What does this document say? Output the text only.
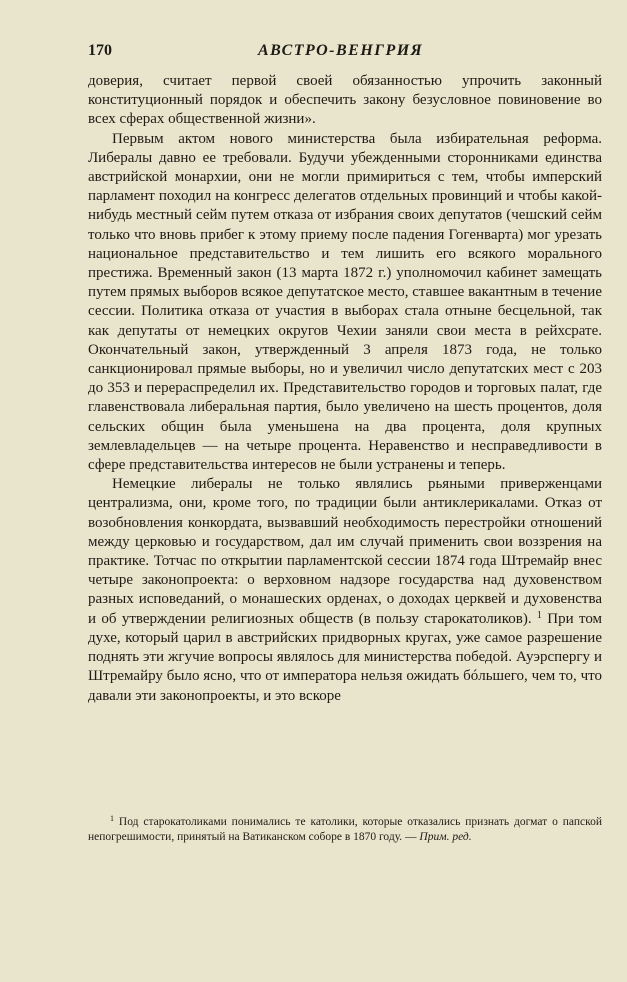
170	АВСТРО-ВЕНГРИЯ

доверия, считает первой своей обязанностью упрочить законный конституционный порядок и обеспечить закону безусловное повиновение во всех сферах общественной жизни».

Первым актом нового министерства была избирательная реформа. Либералы давно ее требовали. Будучи убежденными сторонниками единства австрийской монархии, они не могли примириться с тем, чтобы имперский парламент походил на конгресс делегатов отдельных провинций и чтобы какой-нибудь местный сейм путем отказа от избрания своих депутатов (чешский сейм только что вновь прибег к этому приему после падения Гогенварта) мог урезать национальное представительство и тем лишить его всякого морального престижа. Временный закон (13 марта 1872 г.) уполномочил кабинет замещать путем прямых выборов всякое депутатское место, ставшее вакантным в течение сессии. Политика отказа от участия в выборах стала отныне бесцельной, так как депутаты от немецких округов Чехии заняли свои места в рейхсрате. Окончательный закон, утвержденный 3 апреля 1873 года, не только санкционировал прямые выборы, но и увеличил число депутатских мест с 203 до 353 и перераспределил их. Представительство городов и торговых палат, где главенствовала либеральная партия, было увеличено на шесть процентов, доля сельских общин была уменьшена на два процента, доля крупных землевладельцев — на четыре процента. Неравенство и несправедливости в сфере представительства интересов не были устранены и теперь.

Немецкие либералы не только являлись рьяными приверженцами централизма, они, кроме того, по традиции были антиклерикалами. Отказ от возобновления конкордата, вызвавший необходимость перестройки отношений между церковью и государством, дал им случай применить свои воззрения на практике. Тотчас по открытии парламентской сессии 1874 года Штремайр внес четыре законопроекта: о верховном надзоре государства над духовенством разных исповеданий, о монашеских орденах, о доходах церквей и духовенства и об утверждении религиозных обществ (в пользу старокатоликов). $^1$ При том духе, который царил в австрийских придворных кругах, уже самое разрешение поднять эти жгучие вопросы являлось для министерства победой. Ауэрспергу и Штремайру было ясно, что от императора нельзя ожидать бóльшего, чем то, что давали эти законопроекты, и это вскоре

$^1$ Под старокатоликами понимались те католики, которые отказались признать догмат о папской непогрешимости, принятый на Ватиканском соборе в 1870 году. — Прим. ред.
